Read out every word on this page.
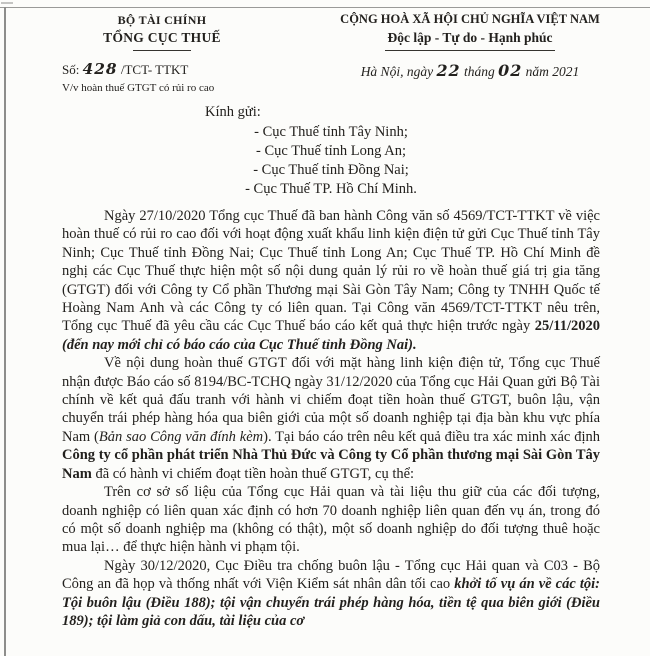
BỘ TÀI CHÍNH
TỔNG CỤC THUẾ
Số: 428 /TCT- TTKT
V/v hoàn thuế GTGT có rủi ro cao
CỘNG HOÀ XÃ HỘI CHỦ NGHĨA VIỆT NAM
Độc lập - Tự do - Hạnh phúc
Hà Nội, ngày 22 tháng 02 năm 2021
Kính gửi:
- Cục Thuế tỉnh Tây Ninh;
- Cục Thuế tỉnh Long An;
- Cục Thuế tỉnh Đồng Nai;
- Cục Thuế TP. Hồ Chí Minh.

Ngày 27/10/2020 Tổng cục Thuế đã ban hành Công văn số 4569/TCT-TTKT về việc hoàn thuế có rủi ro cao đối với hoạt động xuất khẩu linh kiện điện tử gửi Cục Thuế tỉnh Tây Ninh; Cục Thuế tỉnh Đồng Nai; Cục Thuế tỉnh Long An; Cục Thuế TP. Hồ Chí Minh đề nghị các Cục Thuế thực hiện một số nội dung quản lý rủi ro về hoàn thuế giá trị gia tăng (GTGT) đối với Công ty Cổ phần Thương mại Sài Gòn Tây Nam; Công ty TNHH Quốc tế Hoàng Nam Anh và các Công ty có liên quan. Tại Công văn 4569/TCT-TTKT nêu trên, Tổng cục Thuế đã yêu cầu các Cục Thuế báo cáo kết quả thực hiện trước ngày 25/11/2020 (đến nay mới chỉ có báo cáo của Cục Thuế tỉnh Đồng Nai).

Về nội dung hoàn thuế GTGT đối với mặt hàng linh kiện điện tử, Tổng cục Thuế nhận được Báo cáo số 8194/BC-TCHQ ngày 31/12/2020 của Tổng cục Hải Quan gửi Bộ Tài chính về kết quả đấu tranh với hành vi chiếm đoạt tiền hoàn thuế GTGT, buôn lậu, vận chuyển trái phép hàng hóa qua biên giới của một số doanh nghiệp tại địa bàn khu vực phía Nam (Bản sao Công văn đính kèm). Tại báo cáo trên nêu kết quả điều tra xác minh xác định Công ty cổ phần phát triển Nhà Thủ Đức và Công ty Cổ phần thương mại Sài Gòn Tây Nam đã có hành vi chiếm đoạt tiền hoàn thuế GTGT, cụ thể:

Trên cơ sở số liệu của Tổng cục Hải quan và tài liệu thu giữ của các đối tượng, doanh nghiệp có liên quan xác định có hơn 70 doanh nghiệp liên quan đến vụ án, trong đó có một số doanh nghiệp ma (không có thật), một số doanh nghiệp do đối tượng thuê hoặc mua lại… để thực hiện hành vi phạm tội.

Ngày 30/12/2020, Cục Điều tra chống buôn lậu - Tổng cục Hải quan và C03 - Bộ Công an đã họp và thống nhất với Viện Kiểm sát nhân dân tối cao khởi tố vụ án về các tội: Tội buôn lậu (Điều 188); tội vận chuyển trái phép hàng hóa, tiền tệ qua biên giới (Điều 189); tội làm giả con dấu, tài liệu của cơ
